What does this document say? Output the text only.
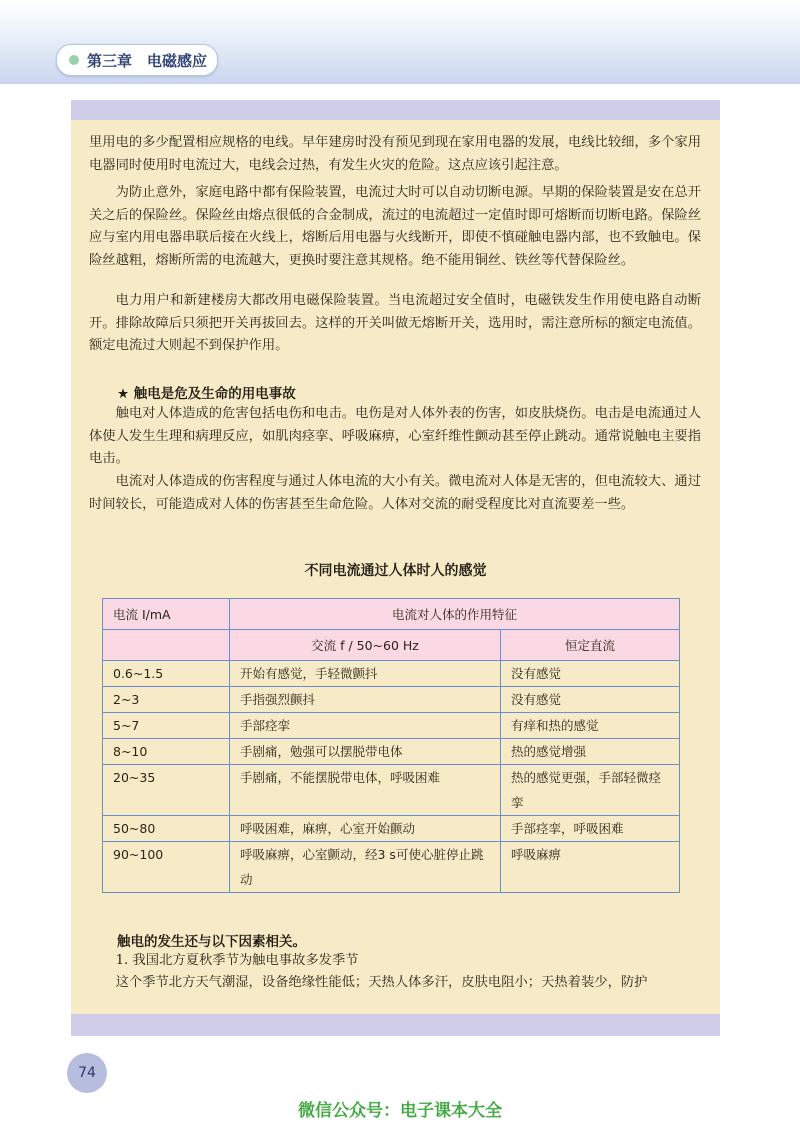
第三章　电磁感应

里用电的多少配置相应规格的电线。早年建房时没有预见到现在家用电器的发展，电线比较细，多个家用电器同时使用时电流过大，电线会过热，有发生火灾的危险。这点应该引起注意。

为防止意外，家庭电路中都有保险装置，电流过大时可以自动切断电源。早期的保险装置是安在总开关之后的保险丝。保险丝由熔点很低的合金制成，流过的电流超过一定值时即可熔断而切断电路。保险丝应与室内用电器串联后接在火线上，熔断后用电器与火线断开，即使不慎碰触电器内部，也不致触电。保险丝越粗，熔断所需的电流越大，更换时要注意其规格。绝不能用铜丝、铁丝等代替保险丝。

电力用户和新建楼房大都改用电磁保险装置。当电流超过安全值时，电磁铁发生作用使电路自动断开。排除故障后只须把开关再拔回去。这样的开关叫做无熔断开关，选用时，需注意所标的额定电流值。额定电流过大则起不到保护作用。

★ 触电是危及生命的用电事故

触电对人体造成的危害包括电伤和电击。电伤是对人体外表的伤害，如皮肤烧伤。电击是电流通过人体使人发生生理和病理反应，如肌肉痉挛、呼吸麻痹，心室纤维性颤动甚至停止跳动。通常说触电主要指电击。

电流对人体造成的伤害程度与通过人体电流的大小有关。微电流对人体是无害的，但电流较大、通过时间较长，可能造成对人体的伤害甚至生命危险。人体对交流的耐受程度比对直流要差一些。

不同电流通过人体时人的感觉
电流 I/mA	电流对人体的作用特征	
	交流 f / 50~60 Hz	恒定直流
0.6~1.5	开始有感觉，手轻微颤抖	没有感觉
2~3	手指强烈颤抖	没有感觉
5~7	手部痉挛	有痒和热的感觉
8~10	手剧痛，勉强可以摆脱带电体	热的感觉增强
20~35	手剧痛，不能摆脱带电体，呼吸困难	热的感觉更强，手部轻微痉挛
50~80	呼吸困难，麻痹，心室开始颤动	手部痉挛，呼吸困难
90~100	呼吸麻痹，心室颤动，经3 s可使心脏停止跳动	呼吸麻痹
触电的发生还与以下因素相关。

1. 我国北方夏秋季节为触电事故多发季节

这个季节北方天气潮湿，设备绝缘性能低；天热人体多汗，皮肤电阻小；天热着装少，防护

74
微信公众号：电子课本大全
